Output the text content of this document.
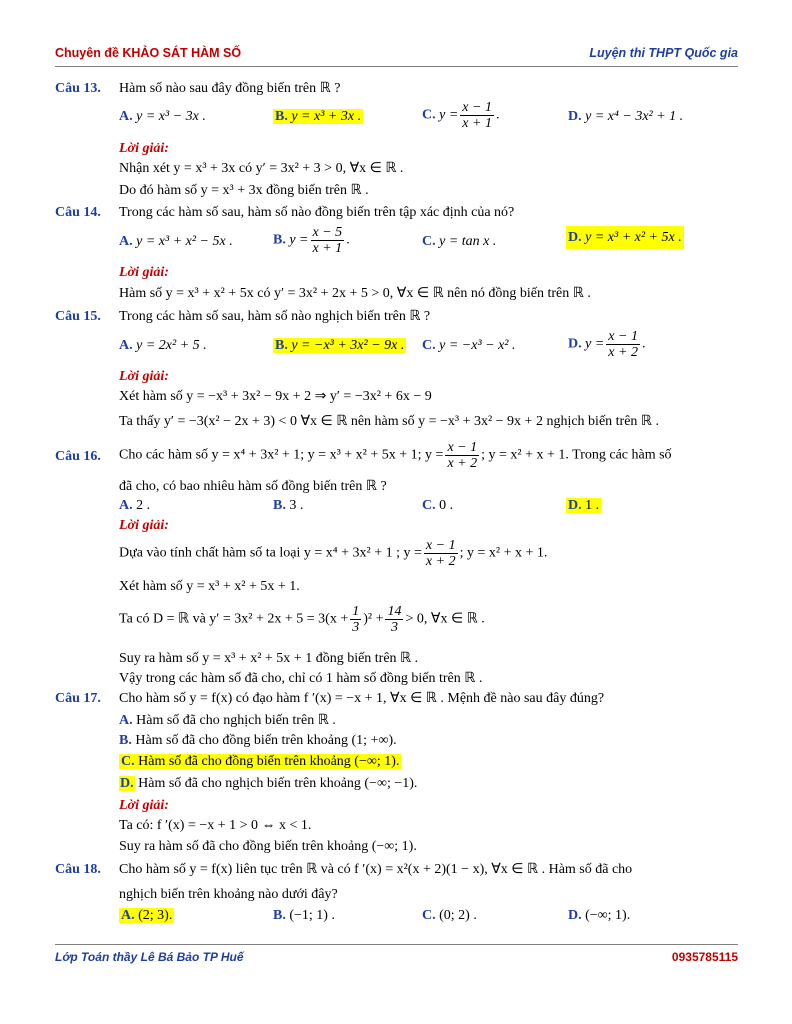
Chuyên đề KHẢO SÁT HÀM SỐ	Luyện thi THPT Quốc gia
Câu 13. Hàm số nào sau đây đồng biến trên ℝ ?
A. y = x³ − 3x .	B. y = x³ + 3x .	C. $y = \frac{x - 1}{x + 1}$ .	D. y = x⁴ − 3x² + 1 .
Lời giải:
Nhận xét y = x³ + 3x có y′ = 3x² + 3 > 0, ∀x ∈ ℝ .
Do đó hàm số y = x³ + 3x đồng biến trên ℝ .
Câu 14. Trong các hàm số sau, hàm số nào đồng biến trên tập xác định của nó?
A. y = x³ + x² − 5x .	B. $y = \frac{x - 5}{x + 1}$ .	C. y = tan x .	D. y = x³ + x² + 5x .
Lời giải:
Hàm số y = x³ + x² + 5x có y′ = 3x² + 2x + 5 > 0, ∀x ∈ ℝ nên nó đồng biến trên ℝ .
Câu 15. Trong các hàm số sau, hàm số nào nghịch biến trên ℝ ?
A. y = 2x² + 5 .	B. y = −x³ + 3x² − 9x . C. y = −x³ − x² .	D. $y = \frac{x - 1}{x + 2}$ .
Lời giải:
Xét hàm số y = −x³ + 3x² − 9x + 2 ⇒ y′ = −3x² + 6x − 9
Ta thấy y′ = −3(x² − 2x + 3) < 0 ∀x ∈ ℝ nên hàm số y = −x³ + 3x² − 9x + 2 nghịch biến trên ℝ .
Câu 16. Cho các hàm số y = x⁴ + 3x² + 1; y = x³ + x² + 5x + 1; $y = \frac{x - 1}{x + 2}$ ; y = x² + x + 1. Trong các hàm số
đã cho, có bao nhiêu hàm số đồng biến trên ℝ ?
A. 2 .	B. 3 .	C. 0 .	D. 1 .
Lời giải:
Dựa vào tính chất hàm số ta loại y = x⁴ + 3x² + 1 ; $y = \frac{x - 1}{x + 2}$ ; y = x² + x + 1.
Xét hàm số y = x³ + x² + 5x + 1.
Ta có D = ℝ và $y' = 3x^2 + 2x + 5 = 3(x + \frac{1}{3} )^2 + \frac{14}{3} > 0$, ∀x ∈ ℝ .
Suy ra hàm số y = x³ + x² + 5x + 1 đồng biến trên ℝ .
Vậy trong các hàm số đã cho, chỉ có 1 hàm số đồng biến trên ℝ .
Câu 17. Cho hàm số y = f(x) có đạo hàm f ′(x) = −x + 1, ∀x ∈ ℝ . Mệnh đề nào sau đây đúng?
A. Hàm số đã cho nghịch biến trên ℝ .
B. Hàm số đã cho đồng biến trên khoảng (1; +∞).
C. Hàm số đã cho đồng biến trên khoảng (−∞; 1).
D. Hàm số đã cho nghịch biến trên khoảng (−∞; −1).
Lời giải:
Ta có: f ′(x) = −x + 1 > 0 ⇔ x < 1.
Suy ra hàm số đã cho đồng biến trên khoảng (−∞; 1).
Câu 18. Cho hàm số y = f(x) liên tục trên ℝ và có f ′(x) = x²(x + 2)(1 − x), ∀x ∈ ℝ . Hàm số đã cho
nghịch biến trên khoảng nào dưới đây?
A. (2; 3).	B. (−1; 1) .	C. (0; 2) .	D. (−∞; 1).
Lớp Toán thầy Lê Bá Bảo TP Huế	0935785115
